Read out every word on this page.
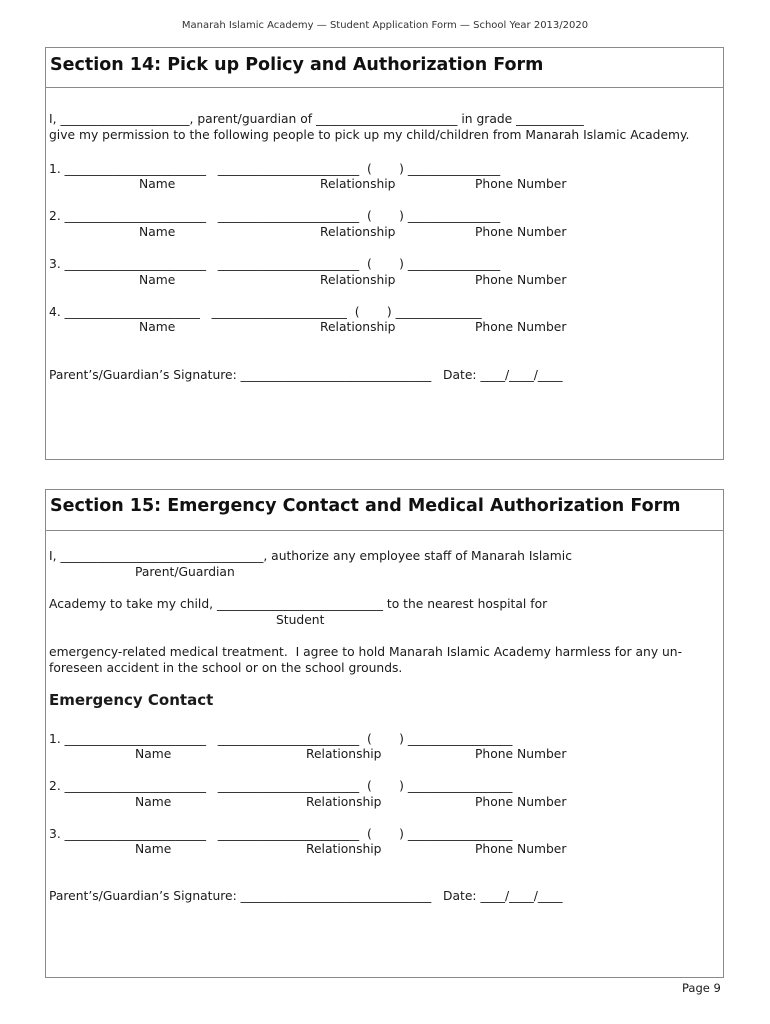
Manarah Islamic Academy — Student Application Form — School Year 2013/2020
Section 14: Pick up Policy and Authorization Form
I, _____________________, parent/guardian of _______________________ in grade ___________
give my permission to the following people to pick up my child/children from Manarah Islamic Academy.
1. _______________________   _______________________  (       ) _______________
Name	Relationship	Phone Number
2. _______________________   _______________________  (       ) _______________
Name	Relationship	Phone Number
3. _______________________   _______________________  (       ) _______________
Name	Relationship	Phone Number
4. ______________________   ______________________  (       ) ______________
Name	Relationship	Phone Number
Parent’s/Guardian’s Signature: _______________________________   Date: ____/____/____
Section 15: Emergency Contact and Medical Authorization Form
I, _________________________________, authorize any employee staff of Manarah Islamic
Parent/Guardian
Academy to take my child, ___________________________ to the nearest hospital for
Student
emergency-related medical treatment.  I agree to hold Manarah Islamic Academy harmless for any un-
foreseen accident in the school or on the school grounds.
Emergency Contact
1. _______________________   _______________________  (       ) _________________
Name	Relationship	Phone Number
2. _______________________   _______________________  (       ) _________________
Name	Relationship	Phone Number
3. _______________________   _______________________  (       ) _________________
Name	Relationship	Phone Number
Parent’s/Guardian’s Signature: _______________________________   Date: ____/____/____
Page 9
